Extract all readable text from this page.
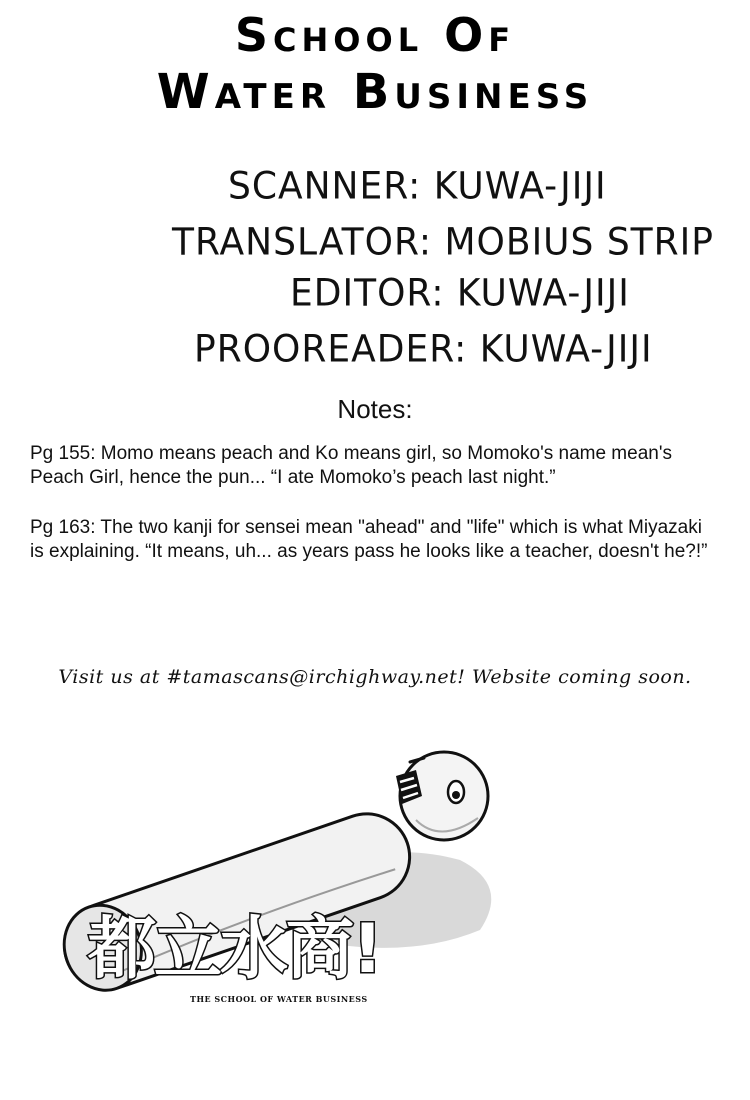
School Of
Water Business
SCANNER: KUWA-JIJI
TRANSLATOR: MOBIUS STRIP
EDITOR: KUWA-JIJI
PROOREADER: KUWA-JIJI
Notes:
Pg 155: Momo means peach and Ko means girl, so Momoko's name mean's Peach Girl, hence the pun... “I ate Momoko’s peach last night.”
Pg 163: The two kanji for sensei mean "ahead" and "life" which is what Miyazaki is explaining. “It means, uh... as years pass he looks like a teacher, doesn't he?!”
Visit us at #tamascans@irchighway.net! Website coming soon.
都立水商!
THE SCHOOL OF WATER BUSINESS
